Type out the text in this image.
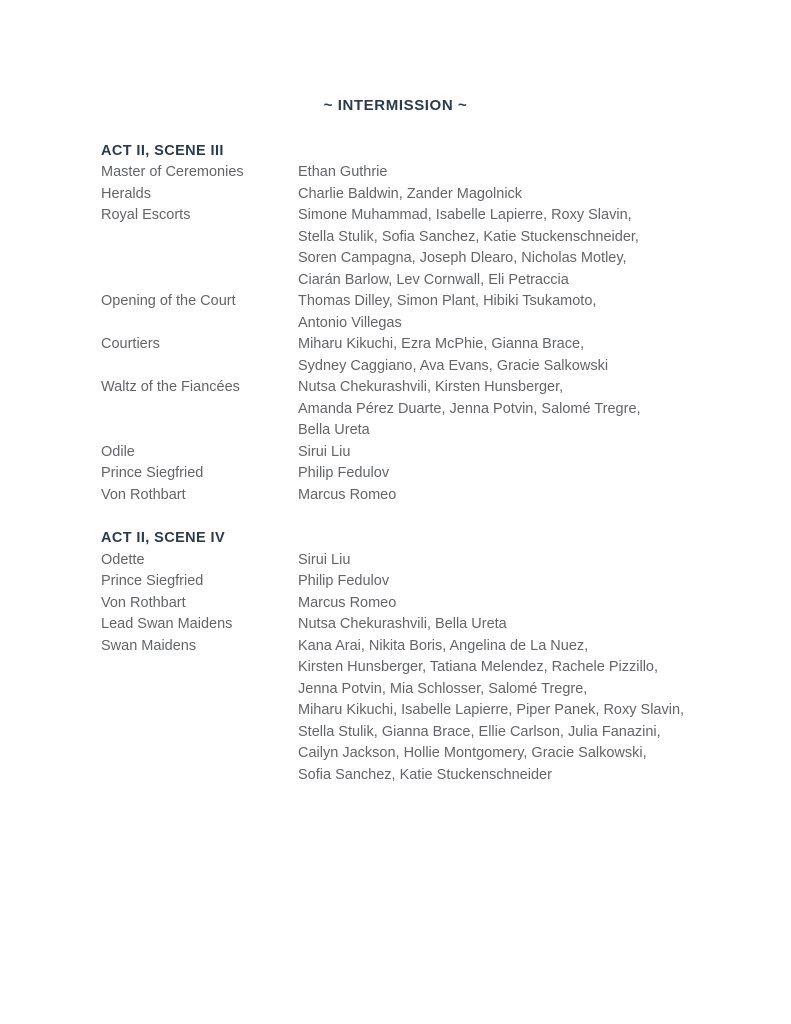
~ INTERMISSION ~
ACT II, SCENE III
Master of Ceremonies	Ethan Guthrie
Heralds	Charlie Baldwin, Zander Magolnick
Royal Escorts	Simone Muhammad, Isabelle Lapierre, Roxy Slavin,
Stella Stulik, Sofia Sanchez, Katie Stuckenschneider,
Soren Campagna, Joseph Dlearo, Nicholas Motley,
Ciarán Barlow, Lev Cornwall, Eli Petraccia
Opening of the Court	Thomas Dilley, Simon Plant, Hibiki Tsukamoto,
Antonio Villegas
Courtiers	Miharu Kikuchi, Ezra McPhie, Gianna Brace,
Sydney Caggiano, Ava Evans, Gracie Salkowski
Waltz of the Fiancées	Nutsa Chekurashvili, Kirsten Hunsberger,
Amanda Pérez Duarte, Jenna Potvin, Salomé Tregre,
Bella Ureta
Odile	Sirui Liu
Prince Siegfried	Philip Fedulov
Von Rothbart	Marcus Romeo
ACT II, SCENE IV
Odette	Sirui Liu
Prince Siegfried	Philip Fedulov
Von Rothbart	Marcus Romeo
Lead Swan Maidens	Nutsa Chekurashvili, Bella Ureta
Swan Maidens	Kana Arai, Nikita Boris, Angelina de La Nuez,
Kirsten Hunsberger, Tatiana Melendez, Rachele Pizzillo,
Jenna Potvin, Mia Schlosser, Salomé Tregre,
Miharu Kikuchi, Isabelle Lapierre, Piper Panek, Roxy Slavin,
Stella Stulik, Gianna Brace, Ellie Carlson, Julia Fanazini,
Cailyn Jackson, Hollie Montgomery, Gracie Salkowski,
Sofia Sanchez, Katie Stuckenschneider
